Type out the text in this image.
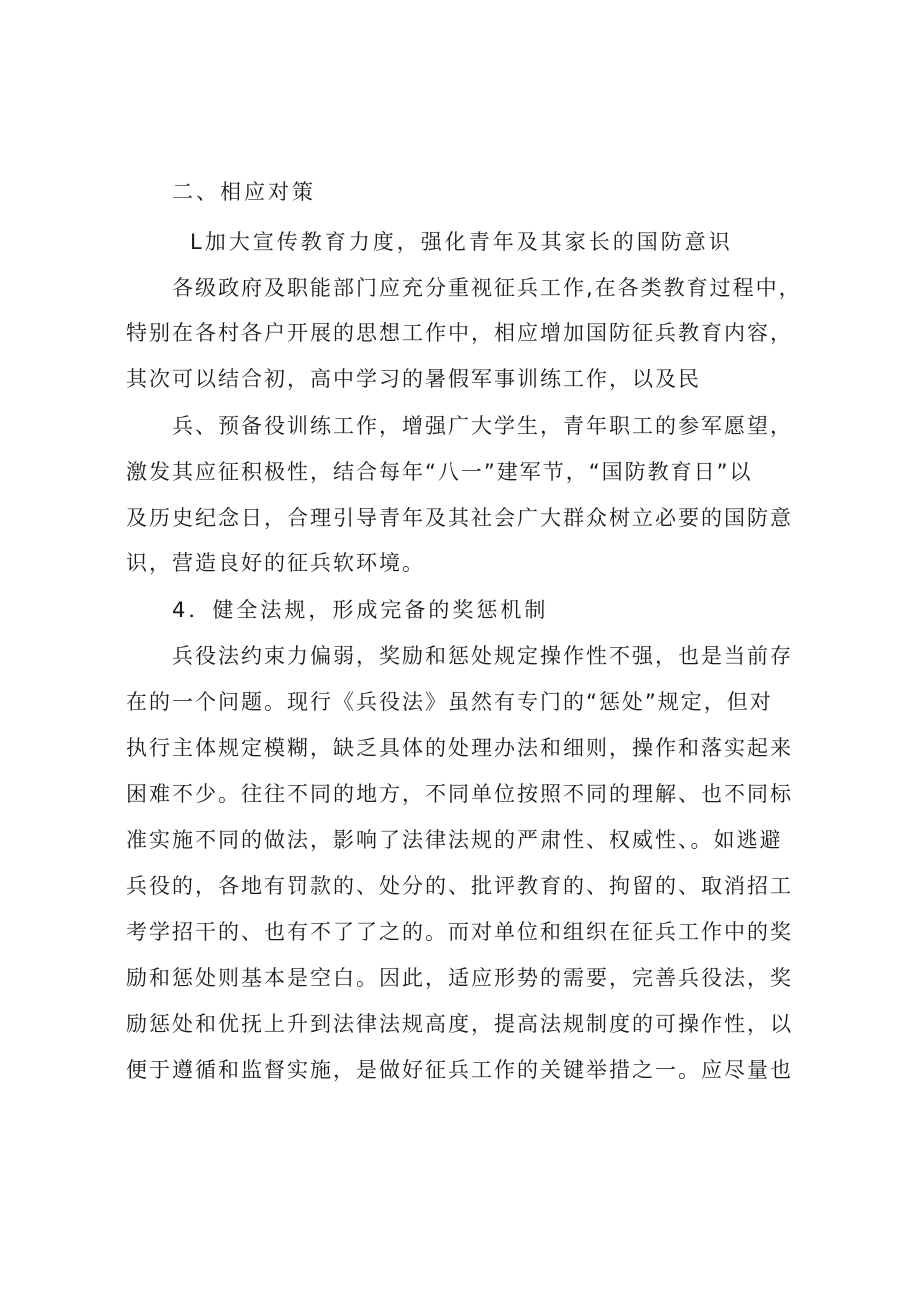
二、相应对策
L加大宣传教育力度，强化青年及其家长的国防意识
各级政府及职能部门应充分重视征兵工作,在各类教育过程中，
特别在各村各户开展的思想工作中，相应增加国防征兵教育内容，
其次可以结合初，高中学习的暑假军事训练工作，以及民
兵、预备役训练工作，增强广大学生，青年职工的参军愿望，
激发其应征积极性，结合每年“八一”建军节，“国防教育日”以
及历史纪念日，合理引导青年及其社会广大群众树立必要的国防意
识，营造良好的征兵软环境。
4．健全法规，形成完备的奖惩机制
兵役法约束力偏弱，奖励和惩处规定操作性不强，也是当前存
在的一个问题。现行《兵役法》虽然有专门的“惩处”规定，但对
执行主体规定模糊，缺乏具体的处理办法和细则，操作和落实起来
困难不少。往往不同的地方，不同单位按照不同的理解、也不同标
准实施不同的做法，影响了法律法规的严肃性、权威性、。如逃避
兵役的，各地有罚款的、处分的、批评教育的、拘留的、取消招工
考学招干的、也有不了了之的。而对单位和组织在征兵工作中的奖
励和惩处则基本是空白。因此，适应形势的需要，完善兵役法，奖
励惩处和优抚上升到法律法规高度，提高法规制度的可操作性，以
便于遵循和监督实施，是做好征兵工作的关键举措之一。应尽量也
